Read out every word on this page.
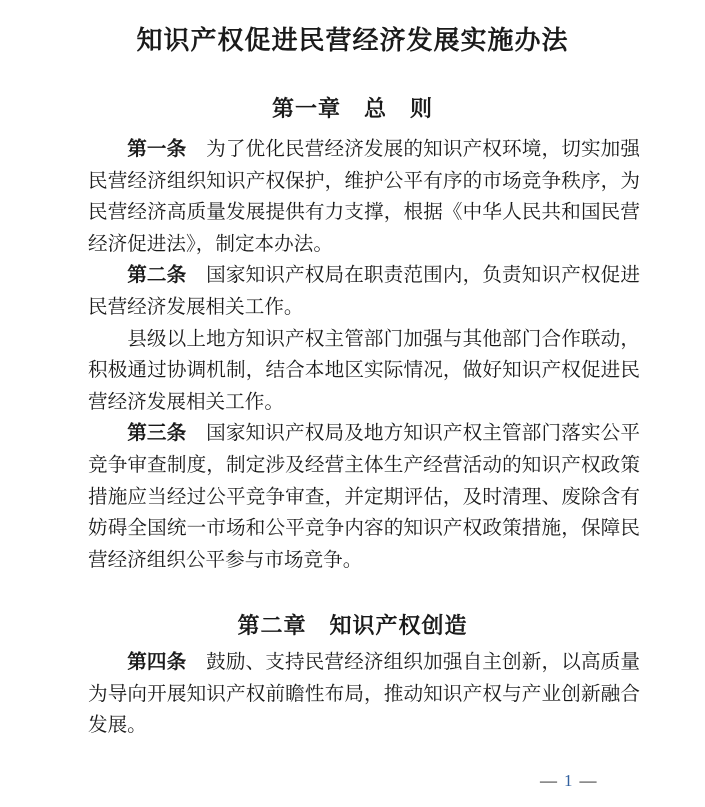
知识产权促进民营经济发展实施办法
第一章　总　则

第一条　为了优化民营经济发展的知识产权环境，切实加强民营经济组织知识产权保护，维护公平有序的市场竞争秩序，为民营经济高质量发展提供有力支撑，根据《中华人民共和国民营经济促进法》，制定本办法。

第二条　国家知识产权局在职责范围内，负责知识产权促进民营经济发展相关工作。

县级以上地方知识产权主管部门加强与其他部门合作联动，积极通过协调机制，结合本地区实际情况，做好知识产权促进民营经济发展相关工作。

第三条　国家知识产权局及地方知识产权主管部门落实公平竞争审查制度，制定涉及经营主体生产经营活动的知识产权政策措施应当经过公平竞争审查，并定期评估，及时清理、废除含有妨碍全国统一市场和公平竞争内容的知识产权政策措施，保障民营经济组织公平参与市场竞争。

第二章　知识产权创造

第四条　鼓励、支持民营经济组织加强自主创新，以高质量为导向开展知识产权前瞻性布局，推动知识产权与产业创新融合发展。

— 1 —
